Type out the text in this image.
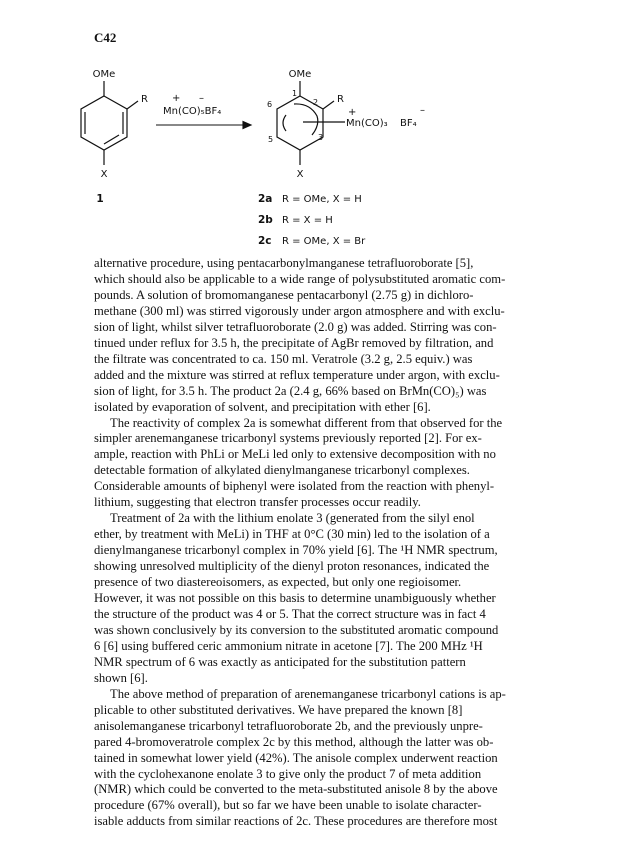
C42
OMe
R
X
1
+ –
Mn(CO)₅BF₄
OMe
R
X
1
2
3
5
6
+
Mn(CO)₃ BF₄
–
2a R = OMe, X = H
2b R = X = H
2c R = OMe, X = Br

alternative procedure, using pentacarbonylmanganese tetrafluoroborate [5],
which should also be applicable to a wide range of polysubstituted aromatic com-
pounds. A solution of bromomanganese pentacarbonyl (2.75 g) in dichloro-
methane (300 ml) was stirred vigorously under argon atmosphere and with exclu-
sion of light, whilst silver tetrafluoroborate (2.0 g) was added. Stirring was con-
tinued under reflux for 3.5 h, the precipitate of AgBr removed by filtration, and
the filtrate was concentrated to ca. 150 ml. Veratrole (3.2 g, 2.5 equiv.) was
added and the mixture was stirred at reflux temperature under argon, with exclu-
sion of light, for 3.5 h. The product 2a (2.4 g, 66% based on BrMn(CO)₅) was
isolated by evaporation of solvent, and precipitation with ether [6].

The reactivity of complex 2a is somewhat different from that observed for the
simpler arenemanganese tricarbonyl systems previously reported [2]. For ex-
ample, reaction with PhLi or MeLi led only to extensive decomposition with no
detectable formation of alkylated dienylmanganese tricarbonyl complexes.
Considerable amounts of biphenyl were isolated from the reaction with phenyl-
lithium, suggesting that electron transfer processes occur readily.

Treatment of 2a with the lithium enolate 3 (generated from the silyl enol
ether, by treatment with MeLi) in THF at 0°C (30 min) led to the isolation of a
dienylmanganese tricarbonyl complex in 70% yield [6]. The ¹H NMR spectrum,
showing unresolved multiplicity of the dienyl proton resonances, indicated the
presence of two diastereoisomers, as expected, but only one regioisomer.
However, it was not possible on this basis to determine unambiguously whether
the structure of the product was 4 or 5. That the correct structure was in fact 4
was shown conclusively by its conversion to the substituted aromatic compound
6 [6] using buffered ceric ammonium nitrate in acetone [7]. The 200 MHz ¹H
NMR spectrum of 6 was exactly as anticipated for the substitution pattern
shown [6].

The above method of preparation of arenemanganese tricarbonyl cations is ap-
plicable to other substituted derivatives. We have prepared the known [8]
anisolemanganese tricarbonyl tetrafluoroborate 2b, and the previously unpre-
pared 4-bromoveratrole complex 2c by this method, although the latter was ob-
tained in somewhat lower yield (42%). The anisole complex underwent reaction
with the cyclohexanone enolate 3 to give only the product 7 of meta addition
(NMR) which could be converted to the meta-substituted anisole 8 by the above
procedure (67% overall), but so far we have been unable to isolate character-
isable adducts from similar reactions of 2c. These procedures are therefore most
